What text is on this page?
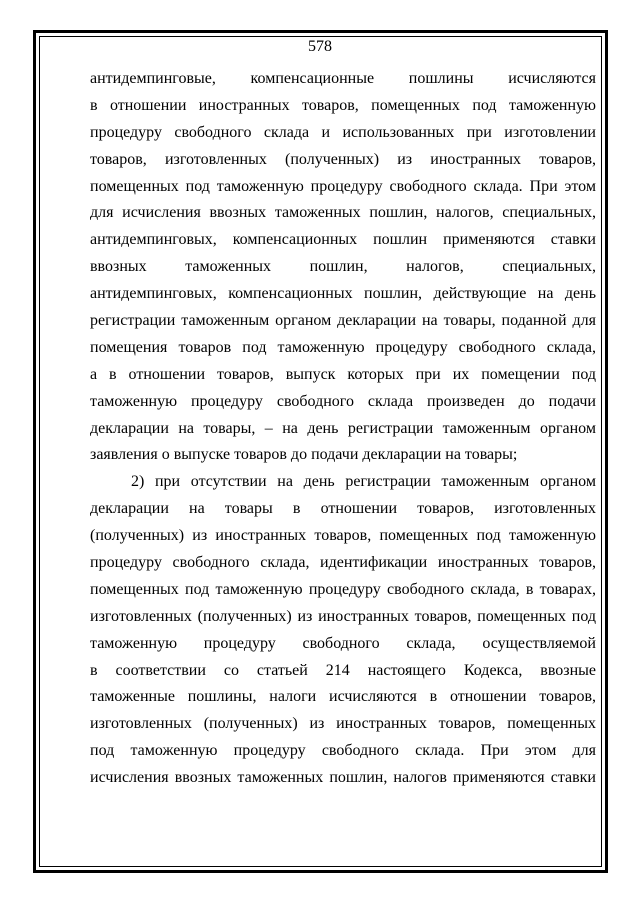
578
антидемпинговые, компенсационные пошлины исчисляются
в отношении иностранных товаров, помещенных под таможенную
процедуру свободного склада и использованных при изготовлении
товаров, изготовленных (полученных) из иностранных товаров,
помещенных под таможенную процедуру свободного склада. При этом
для исчисления ввозных таможенных пошлин, налогов, специальных,
антидемпинговых, компенсационных пошлин применяются ставки
ввозных таможенных пошлин, налогов, специальных,
антидемпинговых, компенсационных пошлин, действующие на день
регистрации таможенным органом декларации на товары, поданной для
помещения товаров под таможенную процедуру свободного склада,
а в отношении товаров, выпуск которых при их помещении под
таможенную процедуру свободного склада произведен до подачи
декларации на товары, – на день регистрации таможенным органом
заявления о выпуске товаров до подачи декларации на товары;
2) при отсутствии на день регистрации таможенным органом
декларации на товары в отношении товаров, изготовленных
(полученных) из иностранных товаров, помещенных под таможенную
процедуру свободного склада, идентификации иностранных товаров,
помещенных под таможенную процедуру свободного склада, в товарах,
изготовленных (полученных) из иностранных товаров, помещенных под
таможенную процедуру свободного склада, осуществляемой
в соответствии со статьей 214 настоящего Кодекса, ввозные
таможенные пошлины, налоги исчисляются в отношении товаров,
изготовленных (полученных) из иностранных товаров, помещенных
под таможенную процедуру свободного склада. При этом для
исчисления ввозных таможенных пошлин, налогов применяются ставки
